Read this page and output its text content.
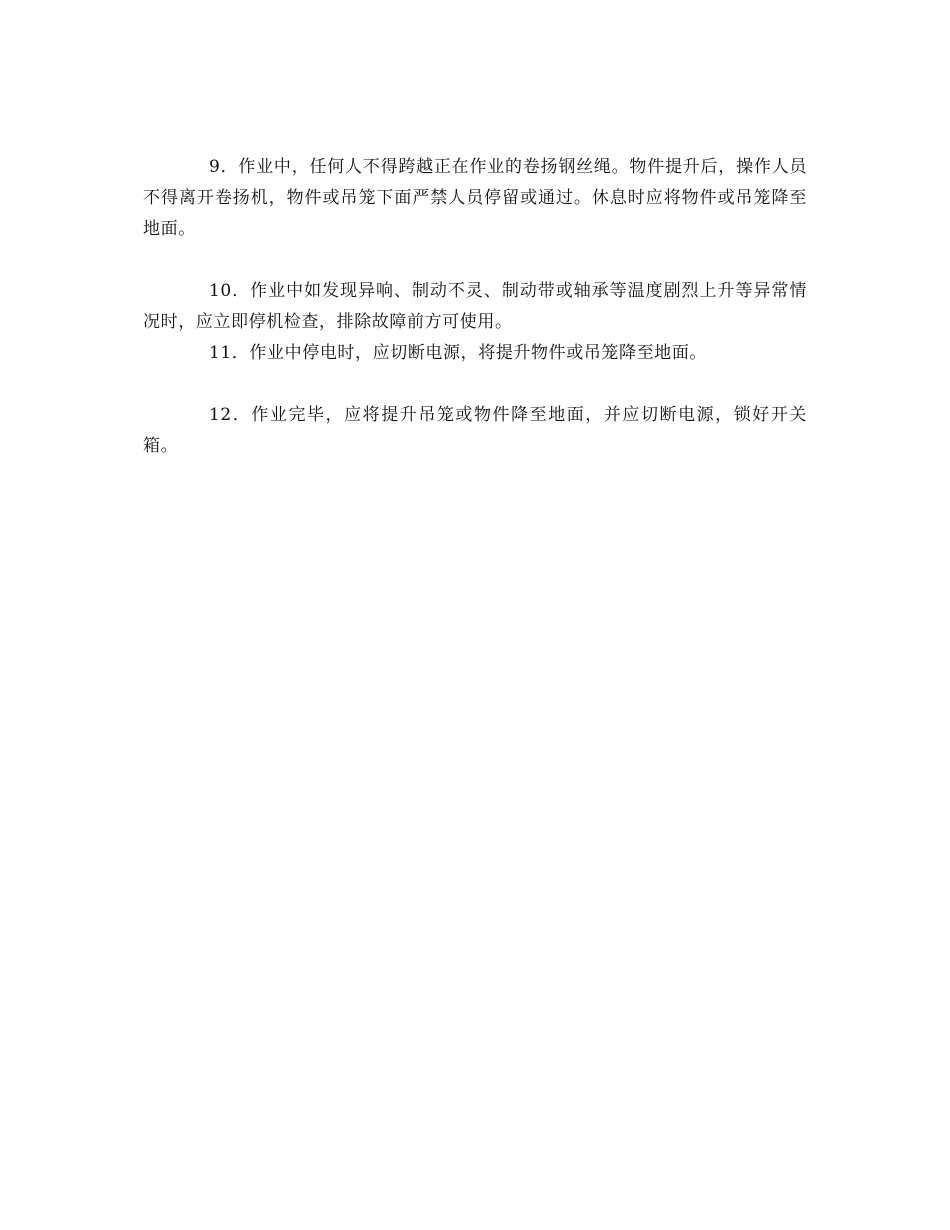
9．作业中，任何人不得跨越正在作业的卷扬钢丝绳。物件提升后，操作人员不得离开卷扬机，物件或吊笼下面严禁人员停留或通过。休息时应将物件或吊笼降至地面。

10．作业中如发现异响、制动不灵、制动带或轴承等温度剧烈上升等异常情况时，应立即停机检查，排除故障前方可使用。

11．作业中停电时，应切断电源，将提升物件或吊笼降至地面。

12．作业完毕，应将提升吊笼或物件降至地面，并应切断电源，锁好开关箱。
